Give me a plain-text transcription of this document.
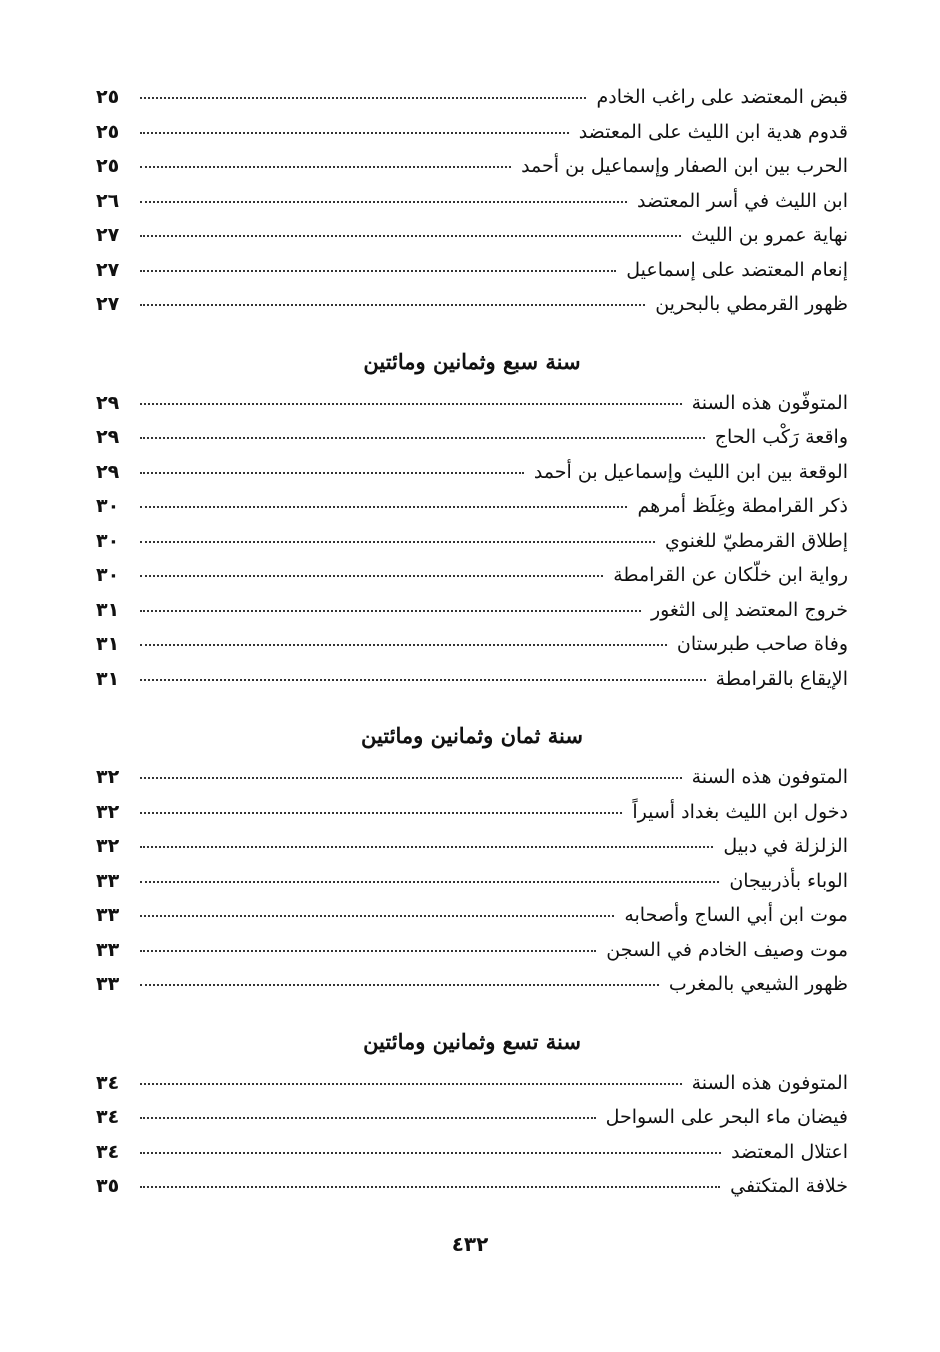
قبض المعتضد على راغب الخادم
٢٥
قدوم هدية ابن الليث على المعتضد
٢٥
الحرب بين ابن الصفار وإسماعيل بن أحمد
٢٥
ابن الليث في أسر المعتضد
٢٦
نهاية عمرو بن الليث
٢٧
إنعام المعتضد على إسماعيل
٢٧
ظهور القرمطي بالبحرين
٢٧
سنة سبع وثمانين ومائتين
المتوفّون هذه السنة
٢٩
واقعة رَكْب الحاج
٢٩
الوقعة بين ابن الليث وإسماعيل بن أحمد
٢٩
ذكر القرامطة وغِلَظ أمرهم
٣٠
إطلاق القرمطيّ للغنوي
٣٠
رواية ابن خلّكان عن القرامطة
٣٠
خروج المعتضد إلى الثغور
٣١
وفاة صاحب طبرستان
٣١
الإيقاع بالقرامطة
٣١
سنة ثمان وثمانين ومائتين
المتوفون هذه السنة
٣٢
دخول ابن الليث بغداد أسيراً
٣٢
الزلزلة في دبيل
٣٢
الوباء بأذربيجان
٣٣
موت ابن أبي الساج وأصحابه
٣٣
موت وصيف الخادم في السجن
٣٣
ظهور الشيعي بالمغرب
٣٣
سنة تسع وثمانين ومائتين
المتوفون هذه السنة
٣٤
فيضان ماء البحر على السواحل
٣٤
اعتلال المعتضد
٣٤
خلافة المتكتفي
٣٥
٤٣٢
